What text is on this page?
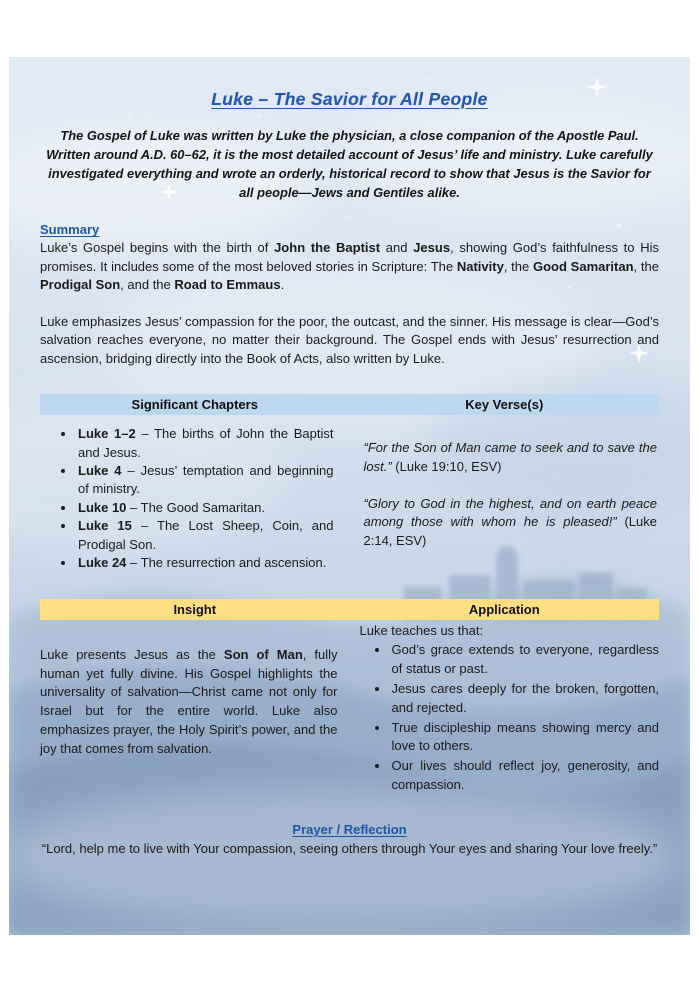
Luke – The Savior for All People

The Gospel of Luke was written by Luke the physician, a close companion of the Apostle Paul. Written around A.D. 60–62, it is the most detailed account of Jesus’ life and ministry. Luke carefully investigated everything and wrote an orderly, historical record to show that Jesus is the Savior for all people—Jews and Gentiles alike.

Summary

Luke’s Gospel begins with the birth of John the Baptist and Jesus, showing God’s faithfulness to His promises. It includes some of the most beloved stories in Scripture: The Nativity, the Good Samaritan, the Prodigal Son, and the Road to Emmaus.

Luke emphasizes Jesus’ compassion for the poor, the outcast, and the sinner. His message is clear—God’s salvation reaches everyone, no matter their background. The Gospel ends with Jesus’ resurrection and ascension, bridging directly into the Book of Acts, also written by Luke.

Significant Chapters	Key Verse(s)
• Luke 1–2 – The births of John the Baptist and Jesus.
• Luke 4 – Jesus’ temptation and beginning of ministry.
• Luke 10 – The Good Samaritan.
• Luke 15 – The Lost Sheep, Coin, and Prodigal Son.
• Luke 24 – The resurrection and ascension.

“For the Son of Man came to seek and to save the lost.” (Luke 19:10, ESV)

“Glory to God in the highest, and on earth peace among those with whom he is pleased!” (Luke 2:14, ESV)

Insight	Application

Luke presents Jesus as the Son of Man, fully human yet fully divine. His Gospel highlights the universality of salvation—Christ came not only for Israel but for the entire world. Luke also emphasizes prayer, the Holy Spirit’s power, and the joy that comes from salvation.

Luke teaches us that:

• God’s grace extends to everyone, regardless of status or past.
• Jesus cares deeply for the broken, forgotten, and rejected.
• True discipleship means showing mercy and love to others.
• Our lives should reflect joy, generosity, and compassion.
Prayer / Reflection

“Lord, help me to live with Your compassion, seeing others through Your eyes and sharing Your love freely.”
